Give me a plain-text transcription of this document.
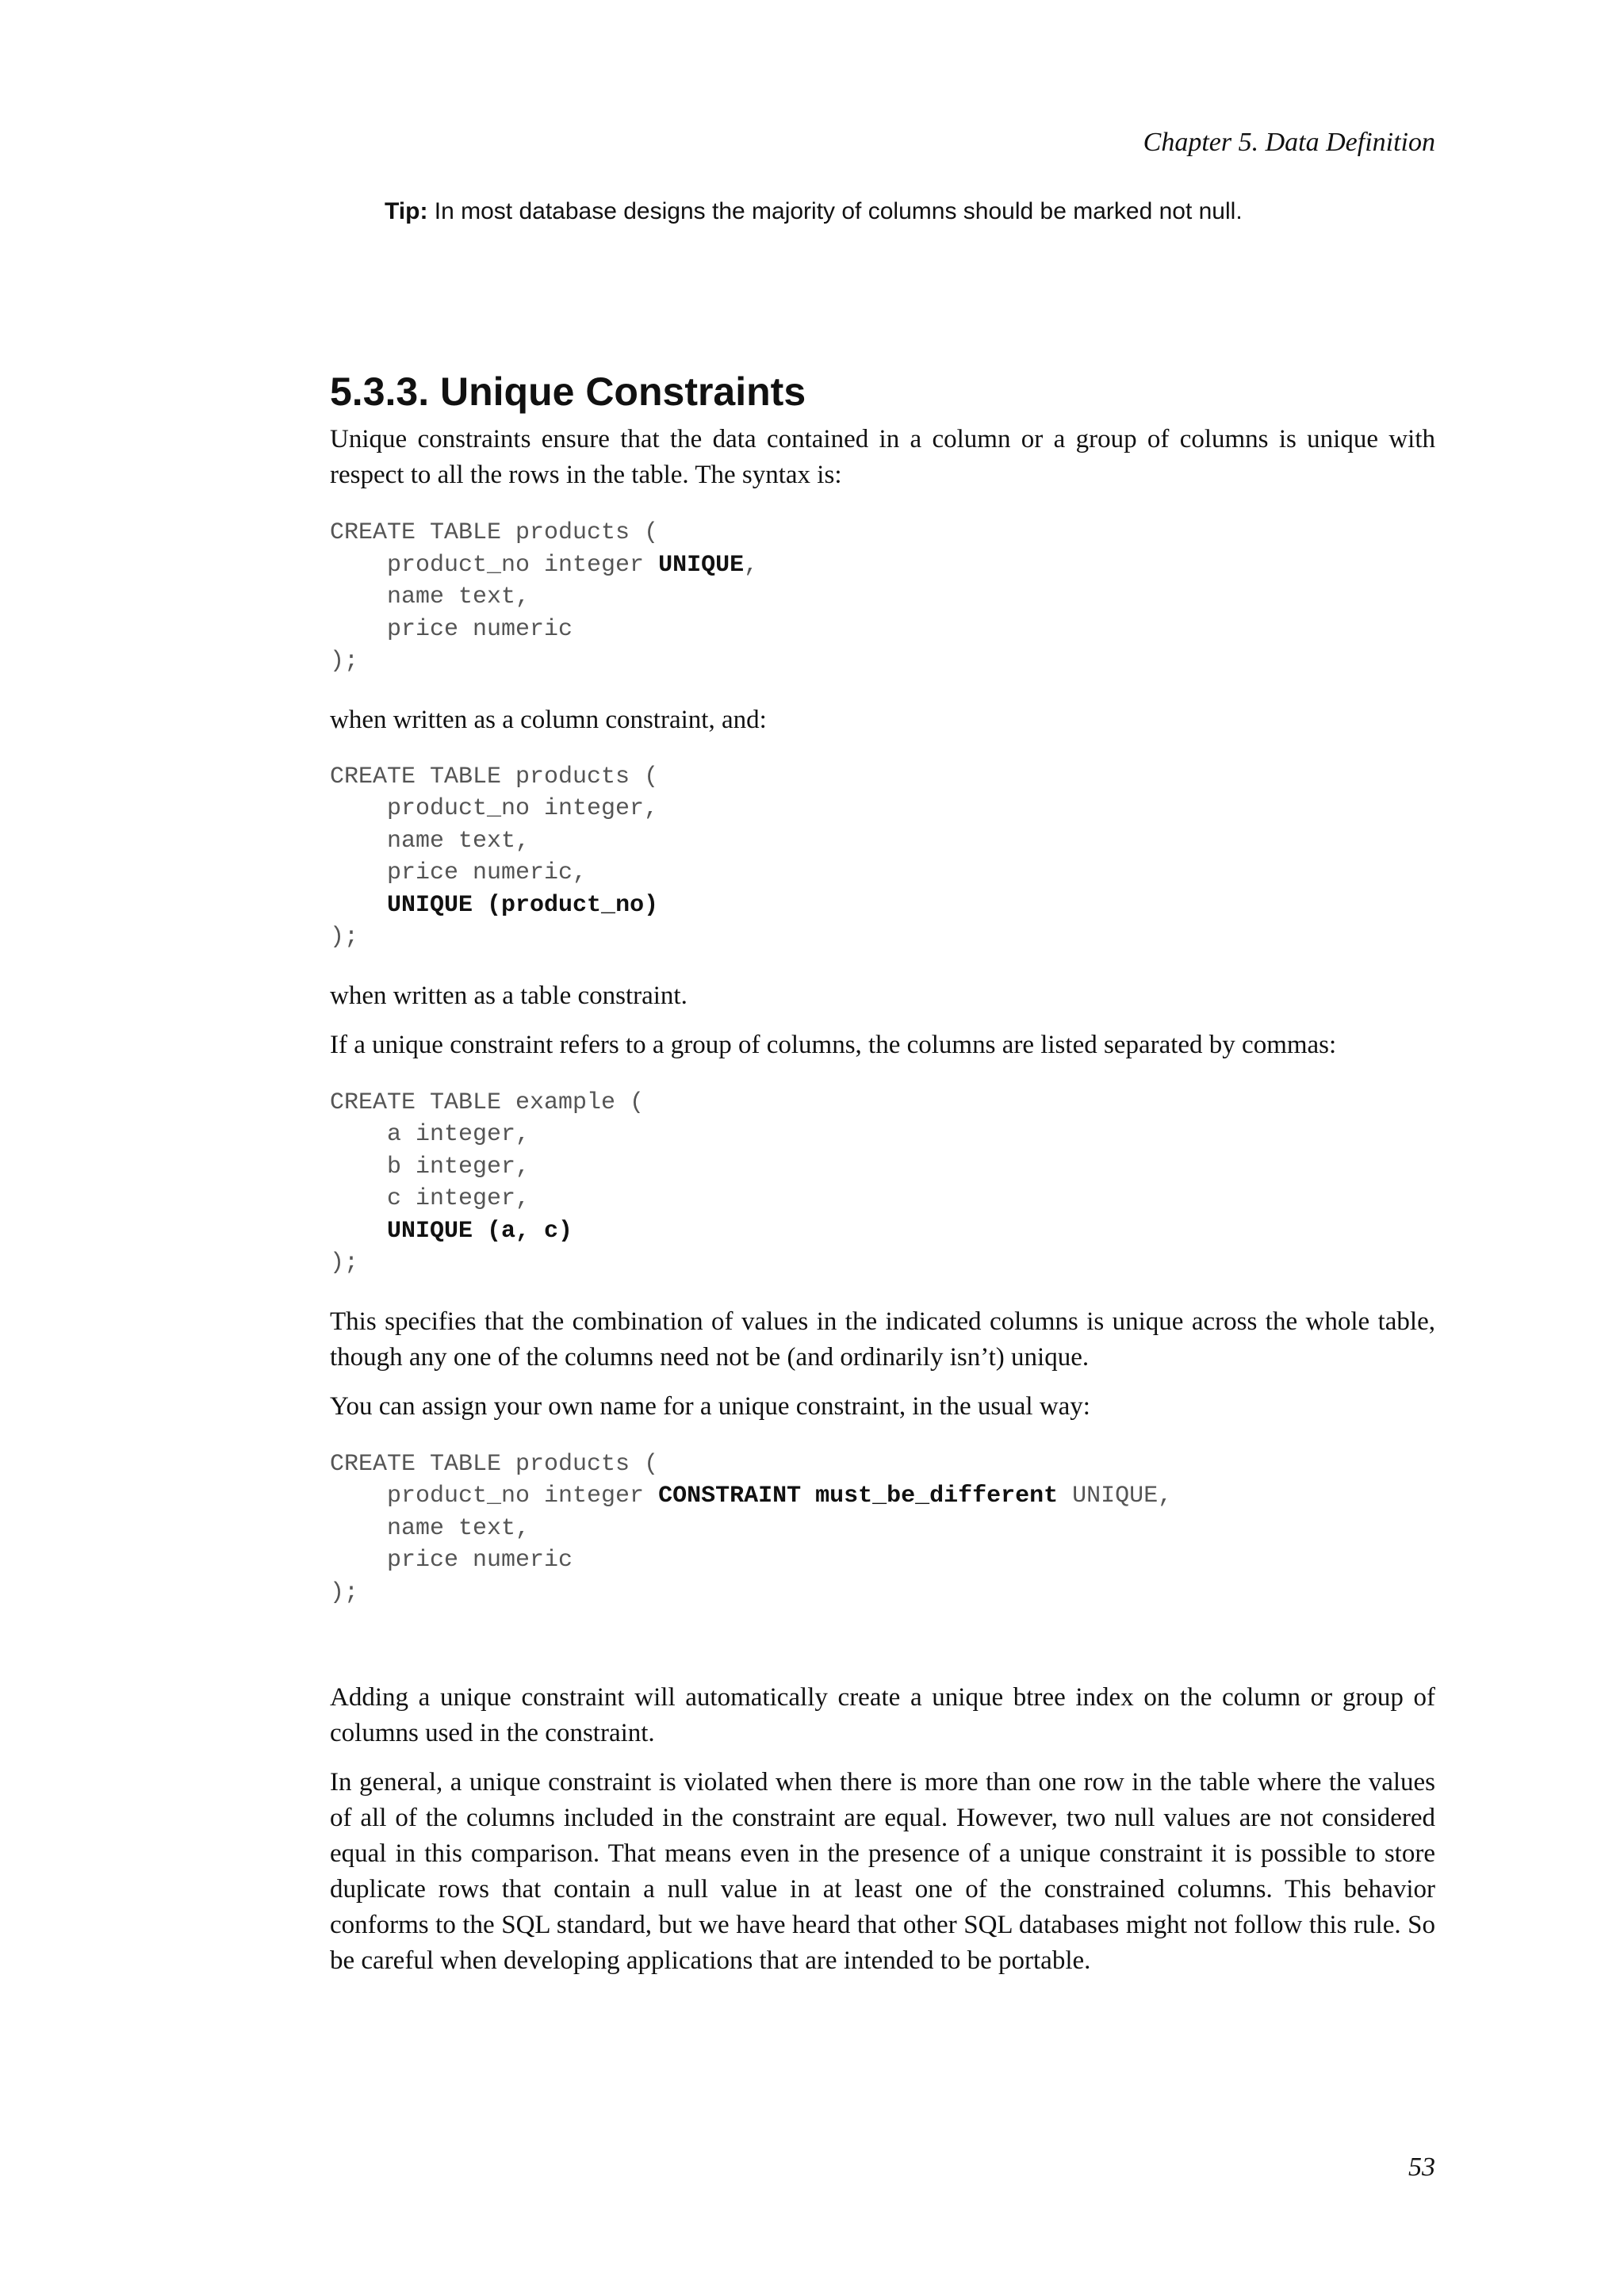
Chapter 5. Data Definition
Tip: In most database designs the majority of columns should be marked not null.
5.3.3. Unique Constraints

Unique constraints ensure that the data contained in a column or a group of columns is unique with respect to all the rows in the table. The syntax is:

CREATE TABLE products (
product_no integer UNIQUE,
name text,
price numeric
);

when written as a column constraint, and:

CREATE TABLE products (
product_no integer,
name text,
price numeric,
UNIQUE (product_no)
);

when written as a table constraint.

If a unique constraint refers to a group of columns, the columns are listed separated by commas:

CREATE TABLE example (
a integer,
b integer,
c integer,
UNIQUE (a, c)
);

This specifies that the combination of values in the indicated columns is unique across the whole table, though any one of the columns need not be (and ordinarily isn’t) unique.

You can assign your own name for a unique constraint, in the usual way:

CREATE TABLE products (
product_no integer CONSTRAINT must_be_different UNIQUE,
name text,
price numeric
);

Adding a unique constraint will automatically create a unique btree index on the column or group of columns used in the constraint.

In general, a unique constraint is violated when there is more than one row in the table where the values of all of the columns included in the constraint are equal. However, two null values are not considered equal in this comparison. That means even in the presence of a unique constraint it is possible to store duplicate rows that contain a null value in at least one of the constrained columns. This behavior conforms to the SQL standard, but we have heard that other SQL databases might not follow this rule. So be careful when developing applications that are intended to be portable.

53
